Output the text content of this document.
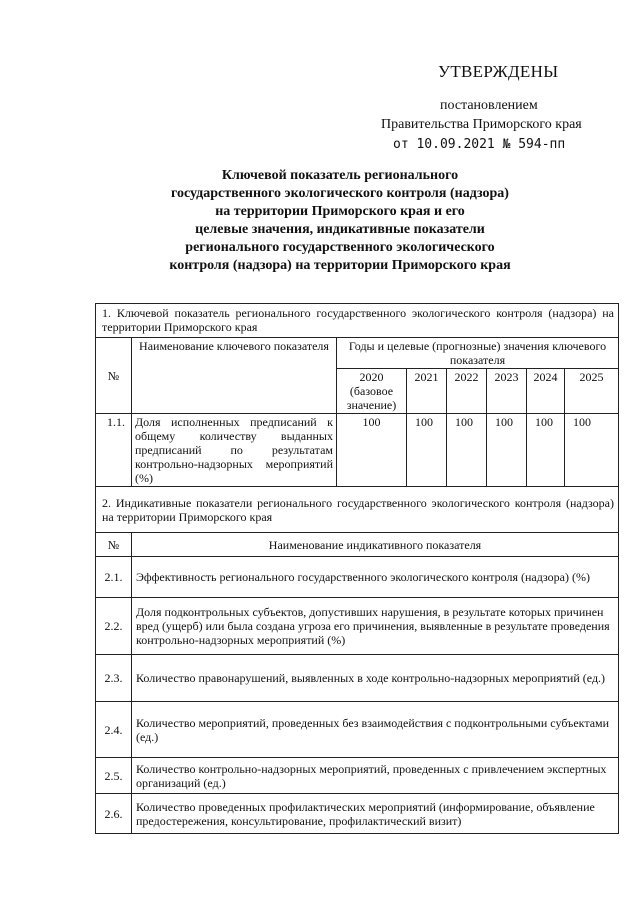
УТВЕРЖДЕНЫ
постановлением
Правительства Приморского края
от 10.09.2021 № 594-пп
Ключевой показатель регионального
государственного экологического контроля (надзора)
на территории Приморского края и его
целевые значения, индикативные показатели
регионального государственного экологического
контроля (надзора) на территории Приморского края
1. Ключевой показатель регионального государственного экологического контроля (надзора) на территории Приморского края							
№	Наименование ключевого показателя	Годы и целевые (прогнозные) значения ключевого показателя					
		2020 (базовое значение)	2021	2022	2023	2024	2025
1.1.	Доля исполненных предписаний к общему количеству выданных предписаний по результатам контрольно-надзорных мероприятий (%)	100	100	100	100	100	100
2. Индикативные показатели регионального государственного экологического контроля (надзора) на территории Приморского края							
№	Наименование индикативного показателя						
2.1.	Эффективность регионального государственного экологического контроля (надзора) (%)						
2.2.	Доля подконтрольных субъектов, допустивших нарушения, в результате которых причинен вред (ущерб) или была создана угроза его причинения, выявленные в результате проведения контрольно-надзорных мероприятий (%)						
2.3.	Количество правонарушений, выявленных в ходе контрольно-надзорных мероприятий (ед.)						
2.4.	Количество мероприятий, проведенных без взаимодействия с подконтрольными субъектами (ед.)						
2.5.	Количество контрольно-надзорных мероприятий, проведенных с привлечением экспертных организаций (ед.)						
2.6.	Количество проведенных профилактических мероприятий (информирование, объявление предостережения, консультирование, профилактический визит)						
